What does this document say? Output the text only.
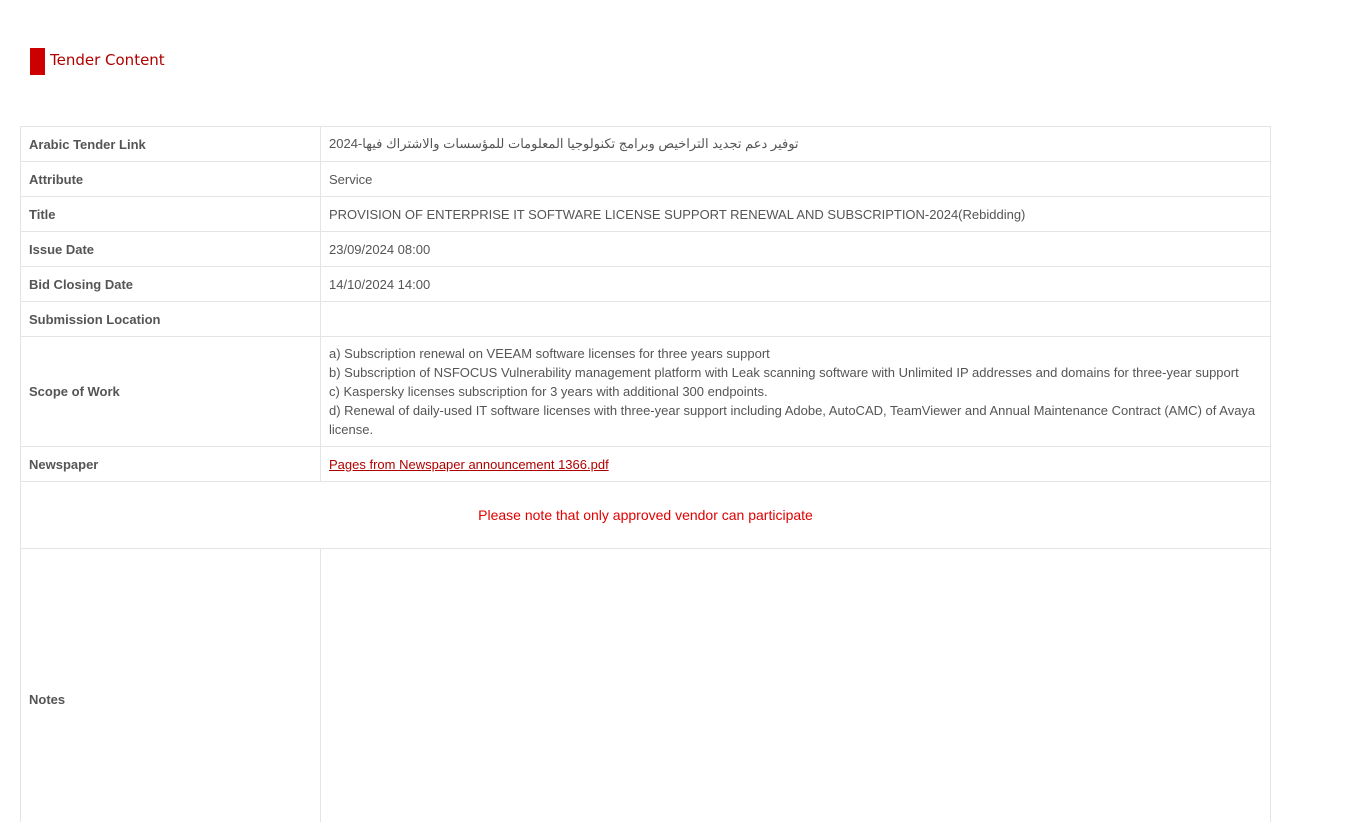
Tender Content
Arabic Tender Link	توفير دعم تجديد التراخيص وبرامج تكنولوجيا المعلومات للمؤسسات والاشتراك فيها-2024
Attribute	Service
Title	PROVISION OF ENTERPRISE IT SOFTWARE LICENSE SUPPORT RENEWAL AND SUBSCRIPTION-2024(Rebidding)
Issue Date	23/09/2024 08:00
Bid Closing Date	14/10/2024 14:00
Submission Location	
Scope of Work	a) Subscription renewal on VEEAM software licenses for three years support
b) Subscription of NSFOCUS Vulnerability management platform with Leak scanning software with Unlimited IP addresses and domains for three-year support
c) Kaspersky licenses subscription for 3 years with additional 300 endpoints.
d) Renewal of daily-used IT software licenses with three-year support including Adobe, AutoCAD, TeamViewer and Annual Maintenance Contract (AMC) of Avaya license.

Newspaper	Pages from Newspaper announcement 1366.pdf
Please note that only approved vendor can participate	
Notes	
